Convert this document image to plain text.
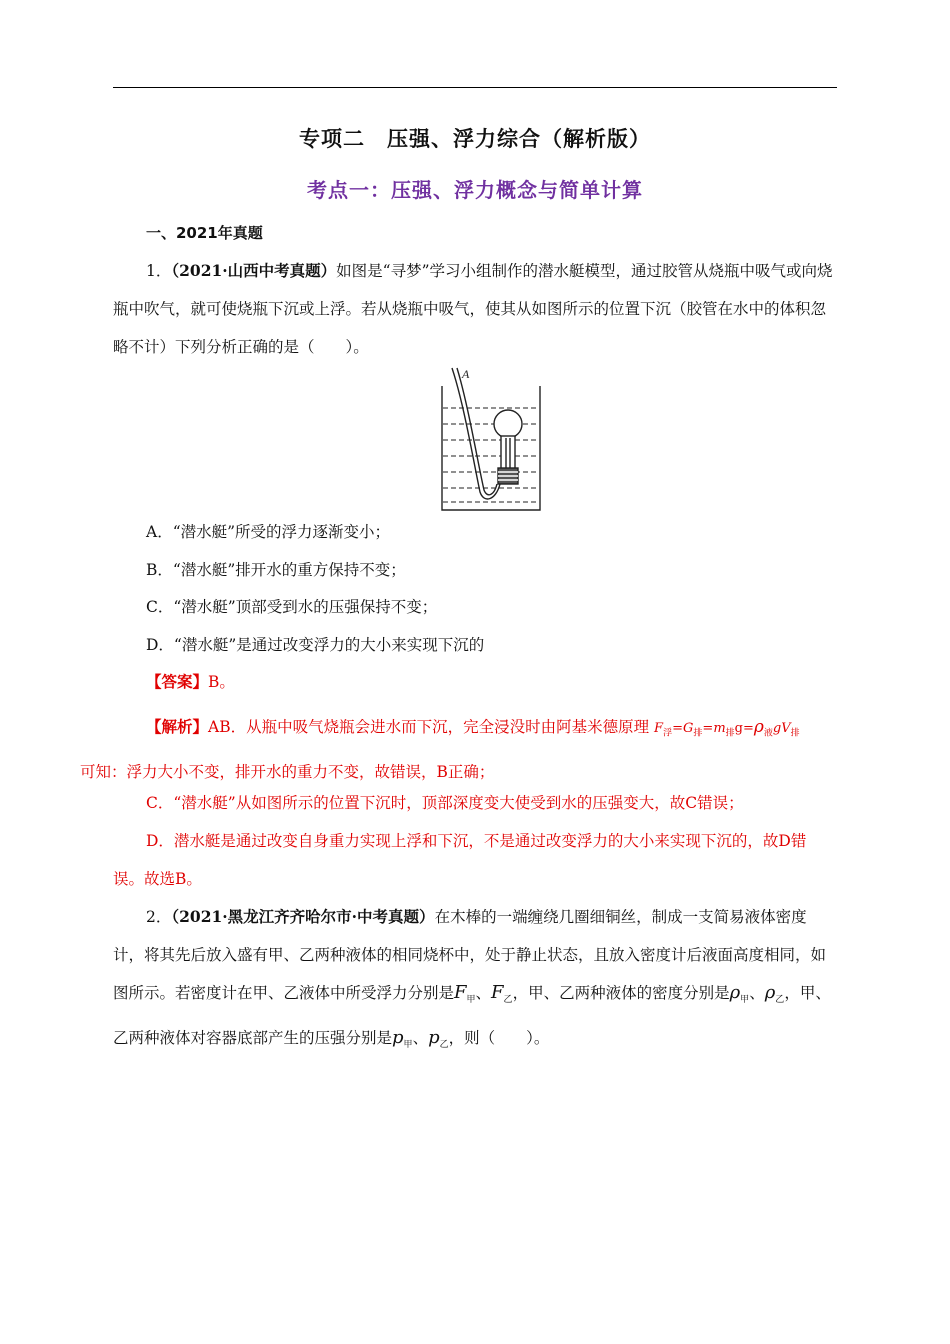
专项二　压强、浮力综合（解析版）
考点一：压强、浮力概念与简单计算
一、2021年真题
1．（2021·山西中考真题）如图是“寻梦”学习小组制作的潜水艇模型，通过胶管从烧瓶中吸气或向烧瓶中吹气，就可使烧瓶下沉或上浮。若从烧瓶中吸气，使其从如图所示的位置下沉（胶管在水中的体积忽略不计）下列分析正确的是（　　）。
A
A．“潜水艇”所受的浮力逐渐变小；
B．“潜水艇”排开水的重方保持不变；
C．“潜水艇”顶部受到水的压强保持不变；
D．“潜水艇”是通过改变浮力的大小来实现下沉的
【答案】B。
【解析】AB．从瓶中吸气烧瓶会进水而下沉，完全浸没时由阿基米德原理 $F_浮=G_排=m_排g=\rho_液gV_排$
可知：浮力大小不变，排开水的重力不变，故错误，B正确；
C．“潜水艇”从如图所示的位置下沉时，顶部深度变大使受到水的压强变大，故C错误；
D．潜水艇是通过改变自身重力实现上浮和下沉，不是通过改变浮力的大小来实现下沉的，故D错误。故选B。
2．（2021·黑龙江齐齐哈尔市·中考真题）在木棒的一端缠绕几圈细铜丝，制成一支简易液体密度计，将其先后放入盛有甲、乙两种液体的相同烧杯中，处于静止状态，且放入密度计后液面高度相同，如图所示。若密度计在甲、乙液体中所受浮力分别是$F_甲$、$F_乙$，甲、乙两种液体的密度分别是$\rho_甲$、$\rho_乙$，甲、乙两种液体对容器底部产生的压强分别是$p_甲$、$p_乙$，则（　　）。
